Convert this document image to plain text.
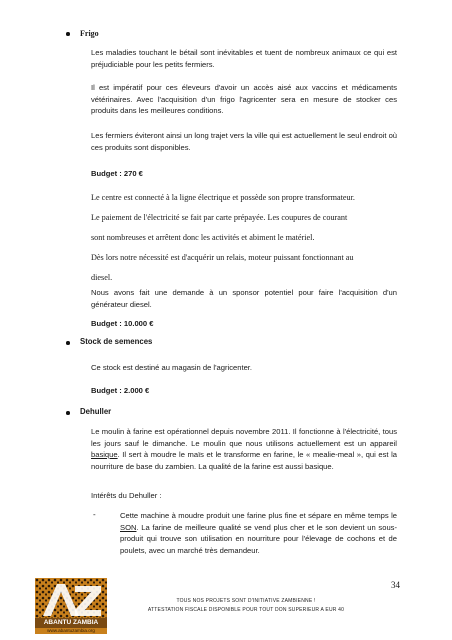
Frigo
Les maladies touchant le bétail sont inévitables et tuent de nombreux animaux ce qui est préjudiciable pour les petits fermiers.
Il est impératif pour ces éleveurs d'avoir un accès aisé aux vaccins et médicaments vétérinaires. Avec l'acquisition d'un frigo l'agricenter sera en mesure de stocker ces produits dans les meilleures conditions.
Les fermiers éviteront ainsi un long trajet vers la ville qui est actuellement le seul endroit où ces produits sont disponibles.
Budget : 270 €
Le centre est connecté à la ligne électrique et possède son propre transformateur.
Le paiement de l'électricité se fait par carte prépayée. Les coupures de courant
sont nombreuses et arrêtent donc les activités et abiment le matériel.
Dès lors notre nécessité est d'acquérir un relais, moteur puissant fonctionnant au
diesel.
Nous avons fait une demande à un sponsor potentiel pour faire l'acquisition d'un générateur diesel.
Budget : 10.000 €
Stock de semences
Ce stock est destiné au magasin de l'agricenter.
Budget : 2.000 €
Dehuller
Le moulin à farine est opérationnel depuis novembre 2011. Il fonctionne à l'électricité, tous les jours sauf le dimanche. Le moulin que nous utilisons actuellement est un appareil basique. Il sert à moudre le maïs et le transforme en farine, le « mealie-meal », qui est la nourriture de base du zambien. La qualité de la farine est aussi basique.
Intérêts du Dehuller :
-	Cette machine à moudre produit une farine plus fine et sépare en même temps le SON. La farine de meilleure qualité se vend plus cher et le son devient un sous-produit qui trouve son utilisation en nourriture pour l'élevage de cochons et de poulets, avec un marché très demandeur.
ABANTU ZAMBIA
www.abantuzambia.org
TOUS NOS PROJETS SONT D'INITIATIVE ZAMBIENNE !
ATTESTATION FISCALE DISPONIBLE POUR TOUT DON SUPERIEUR A EUR 40
34
